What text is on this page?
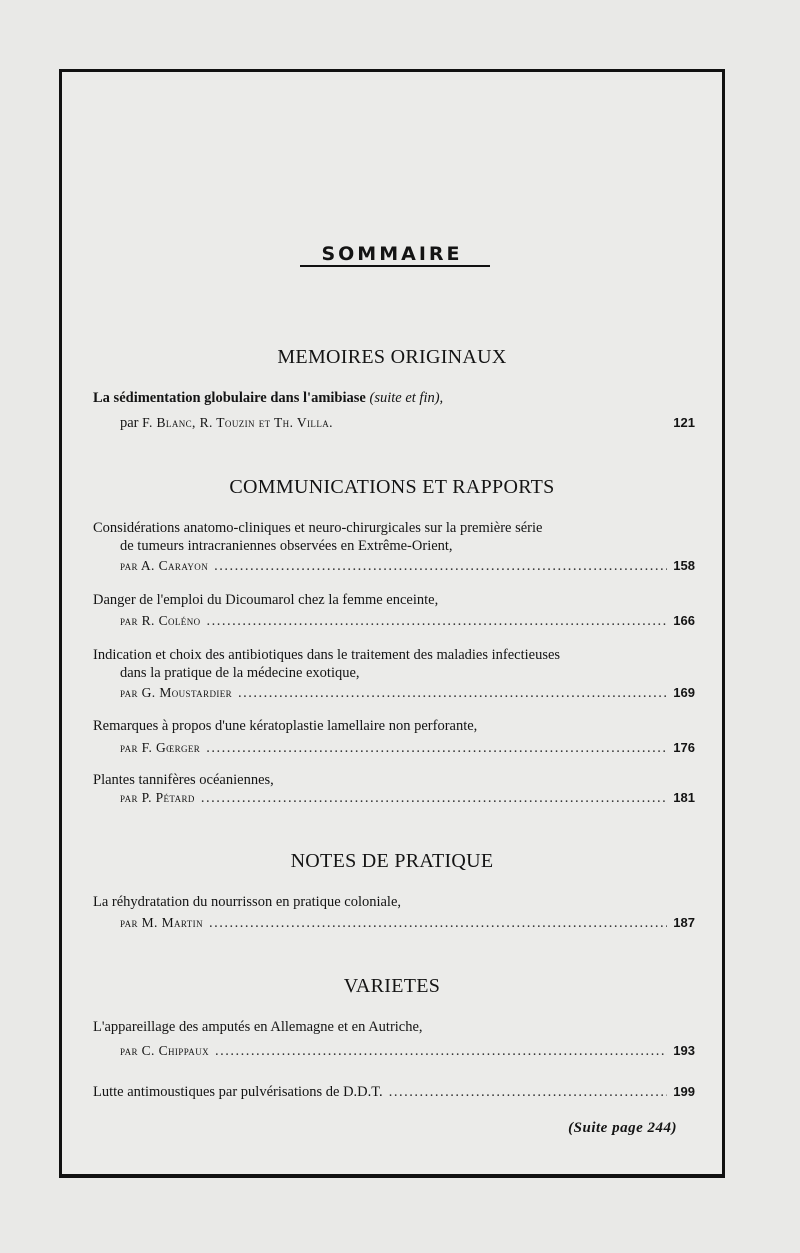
SOMMAIRE
MEMOIRES ORIGINAUX
La sédimentation globulaire dans l'amibiase (suite et fin),
par
F. Blanc, R. Touzin et Th. Villa.	121
COMMUNICATIONS ET RAPPORTS
Considérations anatomo-cliniques et neuro-chirurgicales sur la première série
de tumeurs intracraniennes observées en Extrême-Orient,
par A. Carayon .....	158
Danger de l'emploi du Dicoumarol chez la femme enceinte,
par R. Coléno .....	166
Indication et choix des antibiotiques dans le traitement des maladies infectieuses
dans la pratique de la médecine exotique,
par G. Moustardier .....	169
Remarques à propos d'une kératoplastie lamellaire non perforante,
par F. Gœrger .....	176
Plantes tannifères océaniennes,
par P. Pétard .....	181
NOTES DE PRATIQUE
La réhydratation du nourrisson en pratique coloniale,
par M. Martin .....	187
VARIETES
L'appareillage des amputés en Allemagne et en Autriche,
par C. Chippaux .....	193
Lutte antimoustiques par pulvérisations de D.D.T. .....	199
(Suite page 244)
